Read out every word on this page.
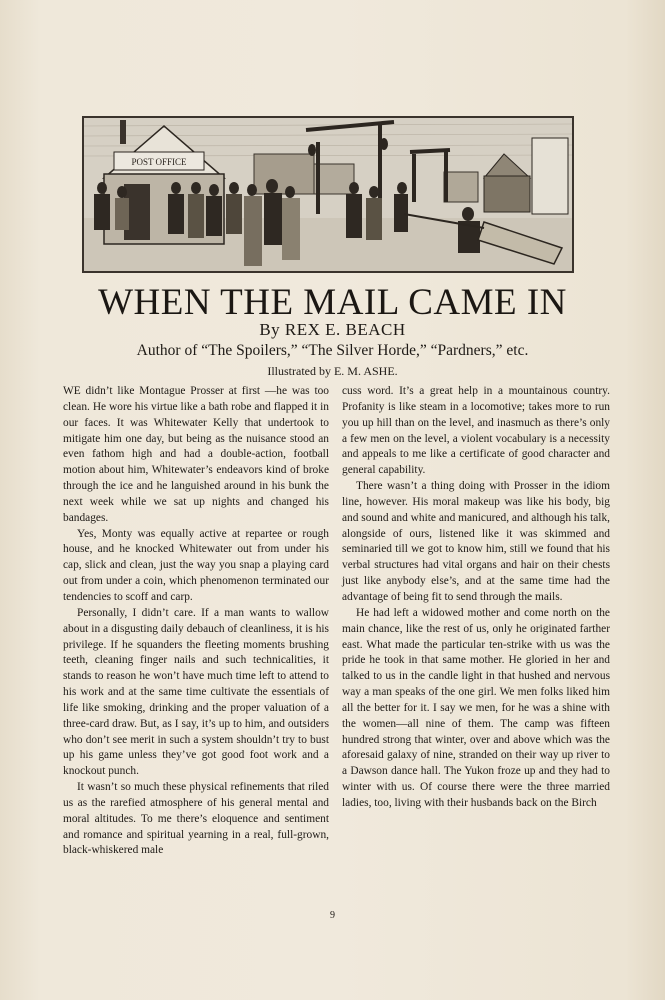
POST OFFICE
WHEN THE MAIL CAME IN
By REX E. BEACH
Author of “The Spoilers,” “The Silver Horde,” “Pardners,” etc.
Illustrated by E. M. ASHE.

WE didn’t like Montague Prosser at first —he was too clean. He wore his virtue like a bath robe and flapped it in our faces. It was Whitewater Kelly that undertook to mitigate him one day, but being as the nuisance stood an even fathom high and had a double-action, football motion about him, Whitewater’s endeavors kind of broke through the ice and he languished around in his bunk the next week while we sat up nights and changed his bandages.

Yes, Monty was equally active at repartee or rough house, and he knocked Whitewater out from under his cap, slick and clean, just the way you snap a playing card out from under a coin, which phenomenon terminated our tendencies to scoff and carp.

Personally, I didn’t care. If a man wants to wallow about in a disgusting daily debauch of cleanliness, it is his privilege. If he squanders the fleeting moments brushing teeth, cleaning finger nails and such technicalities, it stands to reason he won’t have much time left to attend to his work and at the same time cultivate the essentials of life like smoking, drinking and the proper valuation of a three-card draw. But, as I say, it’s up to him, and outsiders who don’t see merit in such a system shouldn’t try to bust up his game unless they’ve got good foot work and a knockout punch.

It wasn’t so much these physical refinements that riled us as the rarefied atmosphere of his general mental and moral altitudes. To me there’s eloquence and sentiment and romance and spiritual yearning in a real, full-grown, black-whiskered male

cuss word. It’s a great help in a mountainous country. Profanity is like steam in a locomotive; takes more to run you up hill than on the level, and inasmuch as there’s only a few men on the level, a violent vocabulary is a necessity and appeals to me like a certificate of good character and general capability.

There wasn’t a thing doing with Prosser in the idiom line, however. His moral makeup was like his body, big and sound and white and manicured, and although his talk, alongside of ours, listened like it was skimmed and seminaried till we got to know him, still we found that his verbal structures had vital organs and hair on their chests just like anybody else’s, and at the same time had the advantage of being fit to send through the mails.

He had left a widowed mother and come north on the main chance, like the rest of us, only he originated farther east. What made the particular ten-strike with us was the pride he took in that same mother. He gloried in her and talked to us in the candle light in that hushed and nervous way a man speaks of the one girl. We men folks liked him all the better for it. I say we men, for he was a shine with the women—all nine of them. The camp was fifteen hundred strong that winter, over and above which was the aforesaid galaxy of nine, stranded on their way up river to a Dawson dance hall. The Yukon froze up and they had to winter with us. Of course there were the three married ladies, too, living with their husbands back on the Birch

9
